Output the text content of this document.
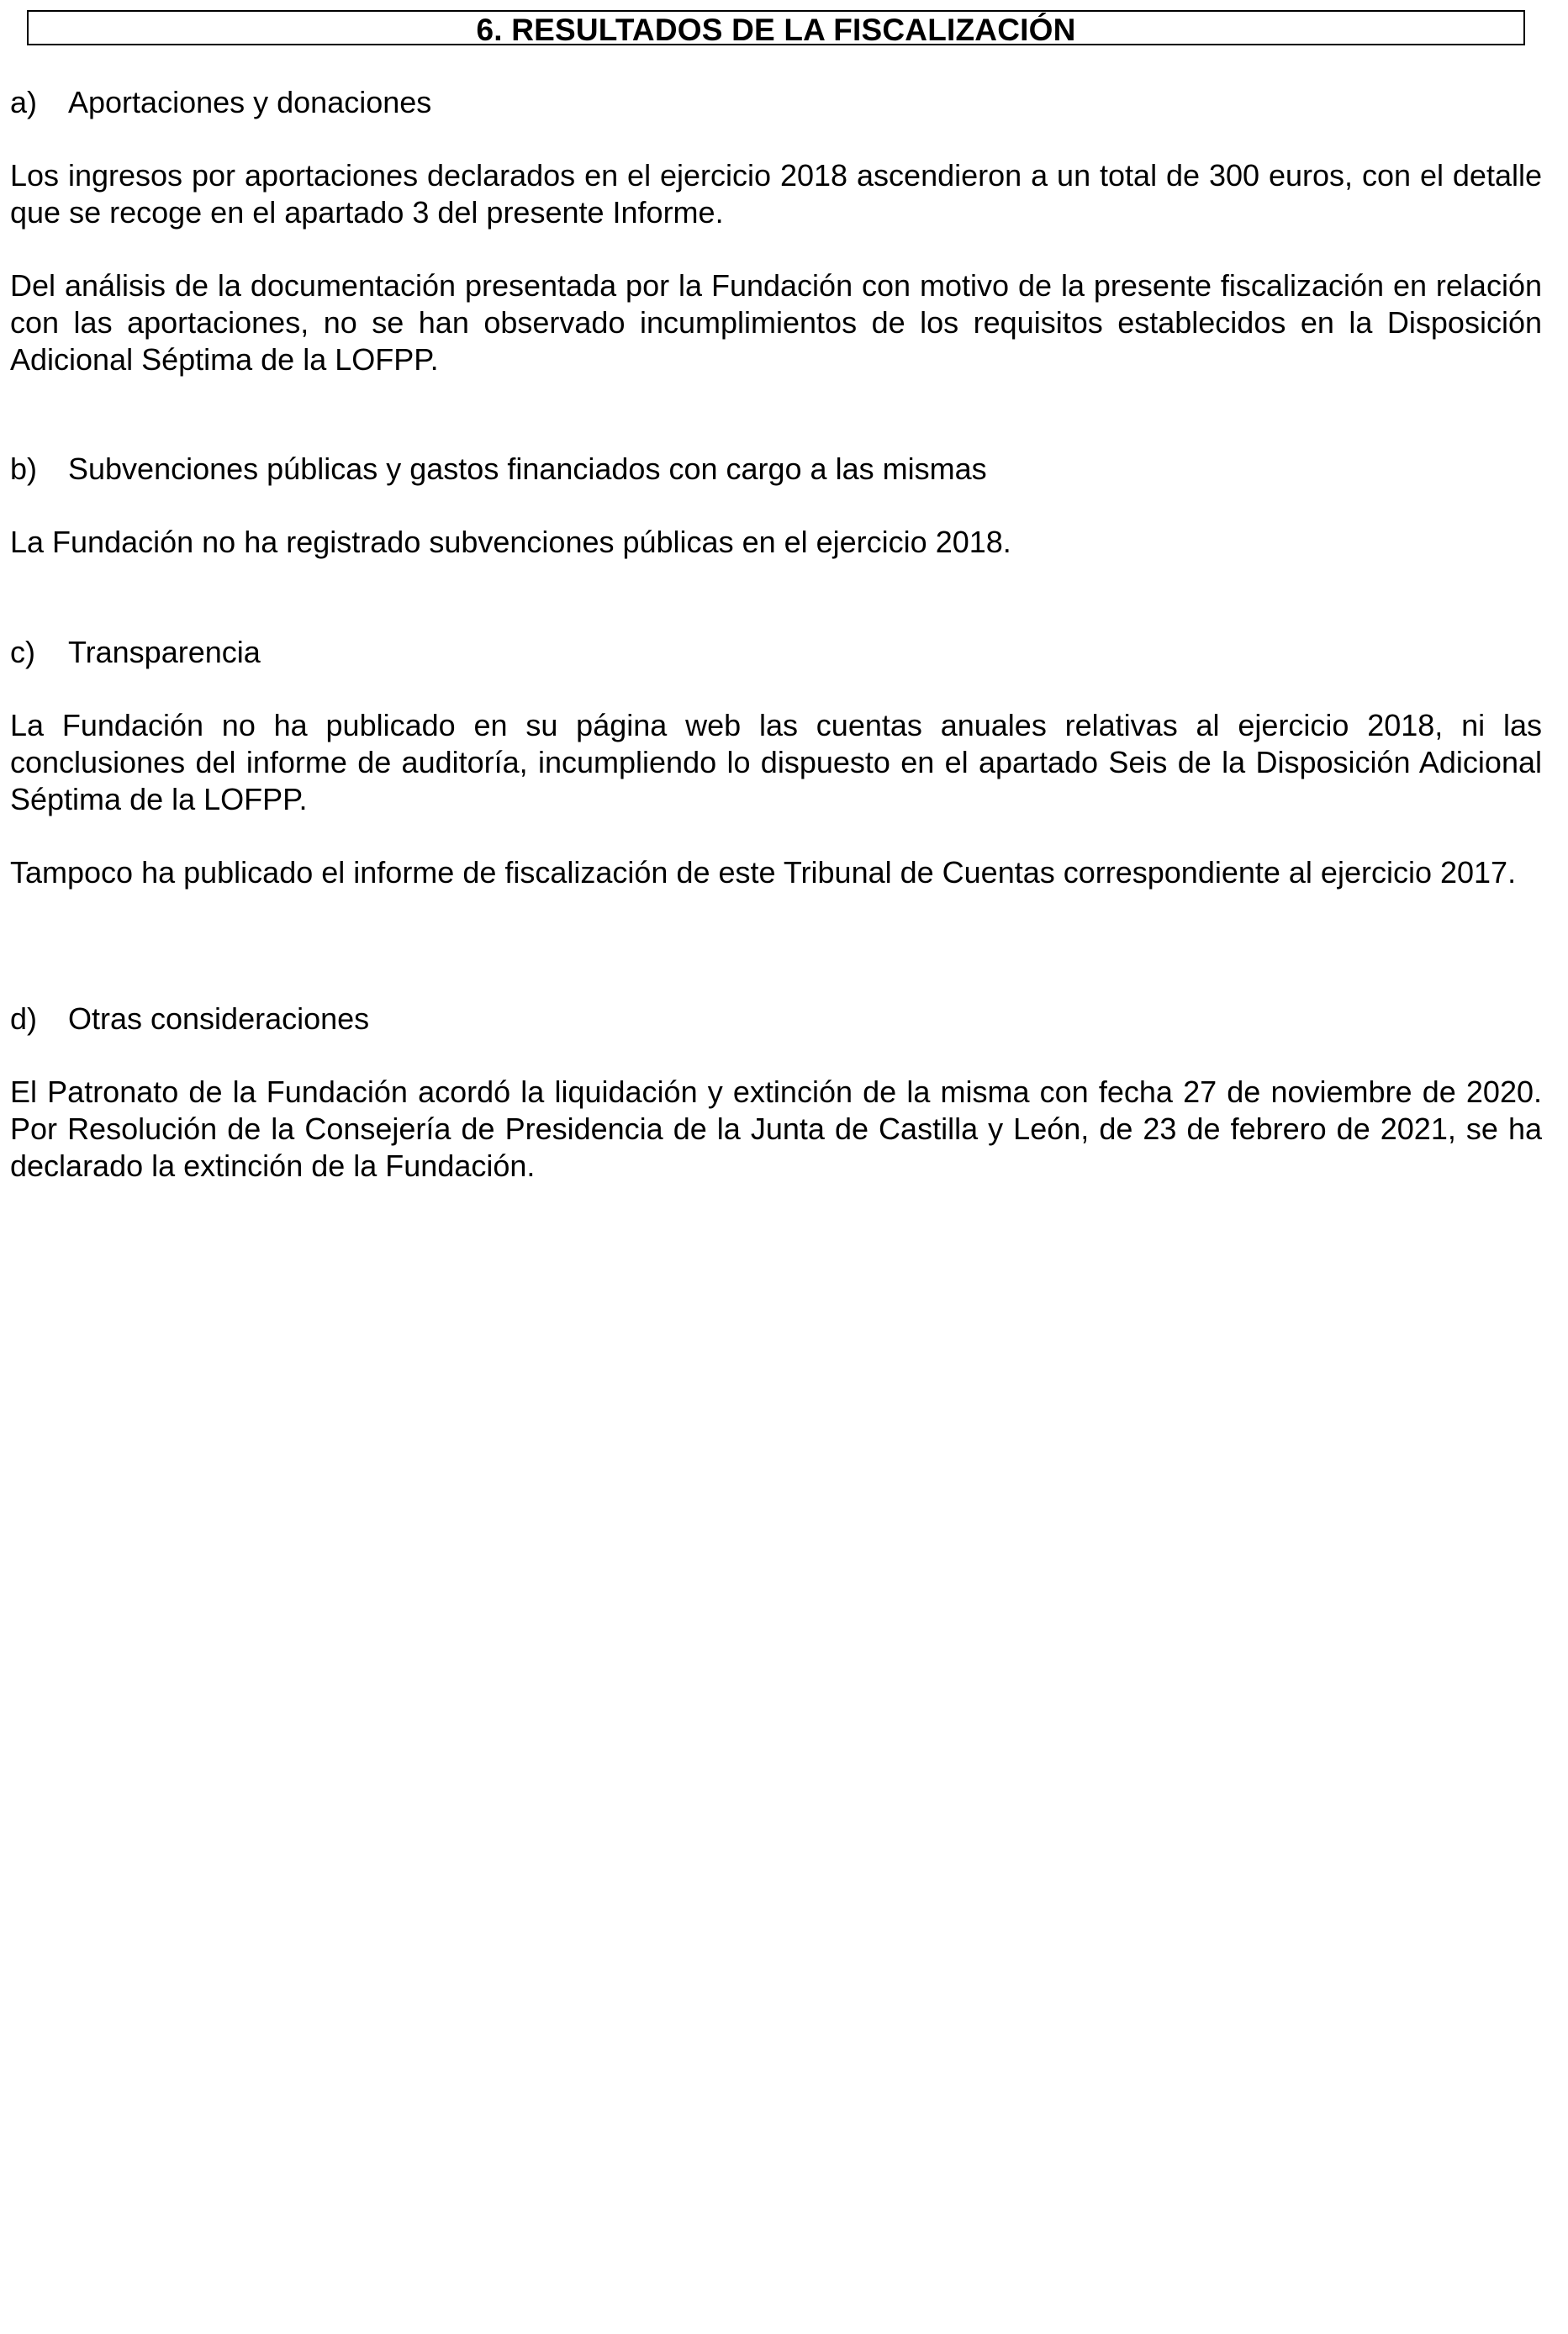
6. RESULTADOS DE LA FISCALIZACIÓN
a) Aportaciones y donaciones
Los ingresos por aportaciones declarados en el ejercicio 2018 ascendieron a un total de 300 euros, con el detalle que se recoge en el apartado 3 del presente Informe.
Del análisis de la documentación presentada por la Fundación con motivo de la presente fiscalización en relación con las aportaciones, no se han observado incumplimientos de los requisitos establecidos en la Disposición Adicional Séptima de la LOFPP.
b) Subvenciones públicas y gastos financiados con cargo a las mismas
La Fundación no ha registrado subvenciones públicas en el ejercicio 2018.
c) Transparencia
La Fundación no ha publicado en su página web las cuentas anuales relativas al ejercicio 2018, ni las conclusiones del informe de auditoría, incumpliendo lo dispuesto en el apartado Seis de la Disposición Adicional Séptima de la LOFPP.
Tampoco ha publicado el informe de fiscalización de este Tribunal de Cuentas correspondiente al ejercicio 2017.
d) Otras consideraciones
El Patronato de la Fundación acordó la liquidación y extinción de la misma con fecha 27 de noviembre de 2020. Por Resolución de la Consejería de Presidencia de la Junta de Castilla y León, de 23 de febrero de 2021, se ha declarado la extinción de la Fundación.
